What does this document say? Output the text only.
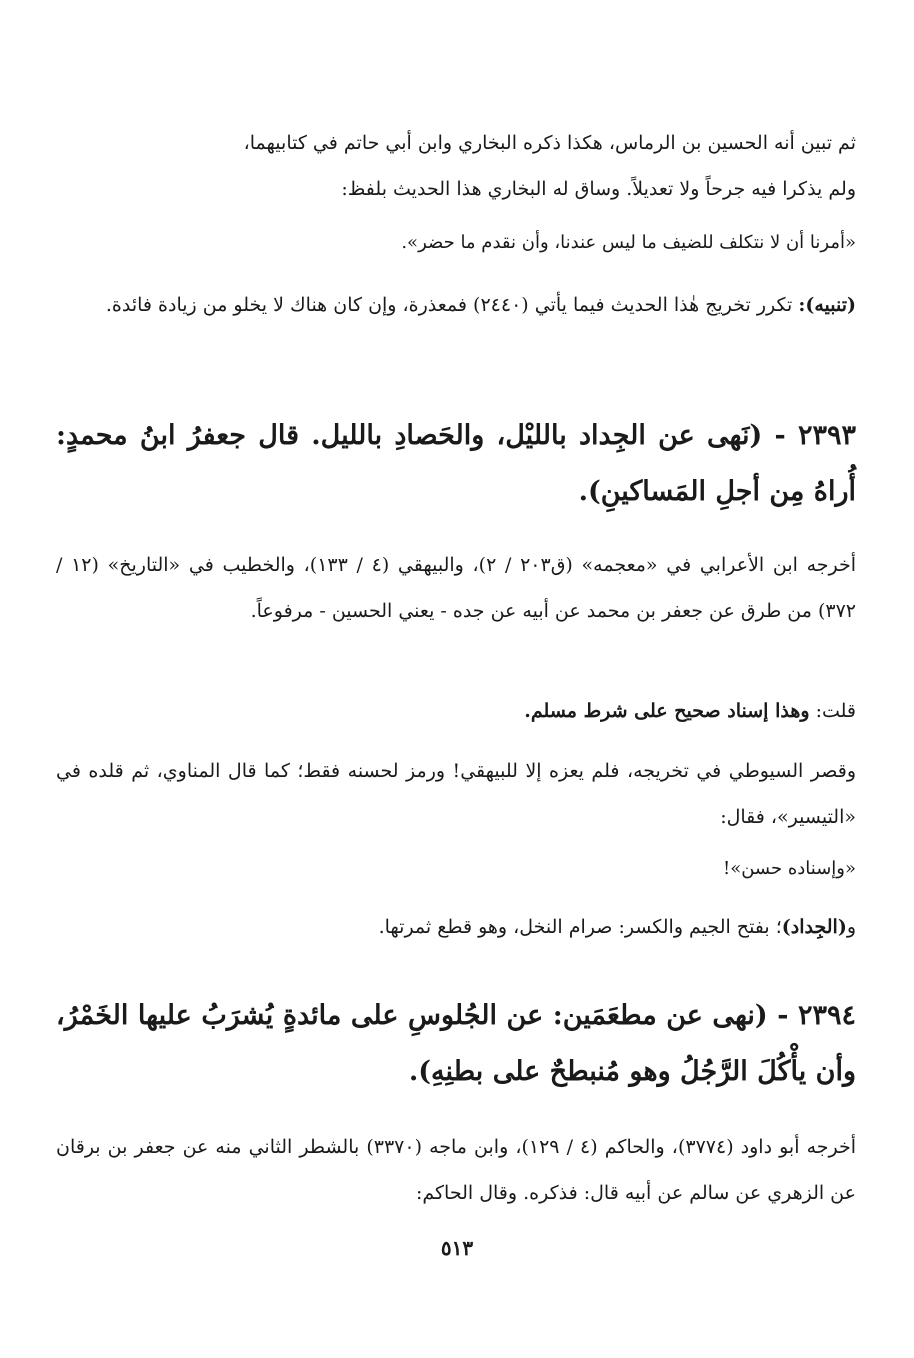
ثم تبين أنه الحسين بن الرماس، هكذا ذكره البخاري وابن أبي حاتم في كتابيهما،
ولم يذكرا فيه جرحاً ولا تعديلاً. وساق له البخاري هذا الحديث بلفظ:

«أمرنا أن لا نتكلف للضيف ما ليس عندنا، وأن نقدم ما حضر».

(تنبيه): تكرر تخريج هٰذا الحديث فيما يأتي (٢٤٤٠) فمعذرة، وإن كان هناك لا يخلو من زيادة فائدة.

٢٣٩٣ - (نَهى عن الجِداد بالليْل، والحَصادِ بالليل. قال جعفرُ ابنُ محمدٍ: أُراهُ مِن أجلِ المَساكينِ).

أخرجه ابن الأعرابي في «معجمه» (ق٢٠٣ / ٢)، والبيهقي (٤ / ١٣٣)، والخطيب في «التاريخ» (١٢ / ٣٧٢) من طرق عن جعفر بن محمد عن أبيه عن جده - يعني الحسين - مرفوعاً.

قلت: وهذا إسناد صحيح على شرط مسلم.

وقصر السيوطي في تخريجه، فلم يعزه إلا للبيهقي! ورمز لحسنه فقط؛ كما قال المناوي، ثم قلده في «التيسير»، فقال:

«وإسناده حسن»!

و(الجِداد)؛ بفتح الجيم والكسر: صرام النخل، وهو قطع ثمرتها.

٢٣٩٤ - (نهى عن مطعَمَين: عن الجُلوسِ على مائدةٍ يُشرَبُ عليها الخَمْرُ، وأن يأْكُلَ الرَّجُلُ وهو مُنبطحٌ على بطنِهِ).

أخرجه أبو داود (٣٧٧٤)، والحاكم (٤ / ١٢٩)، وابن ماجه (٣٣٧٠) بالشطر الثاني منه عن جعفر بن برقان عن الزهري عن سالم عن أبيه قال: فذكره. وقال الحاكم:

٥١٣
